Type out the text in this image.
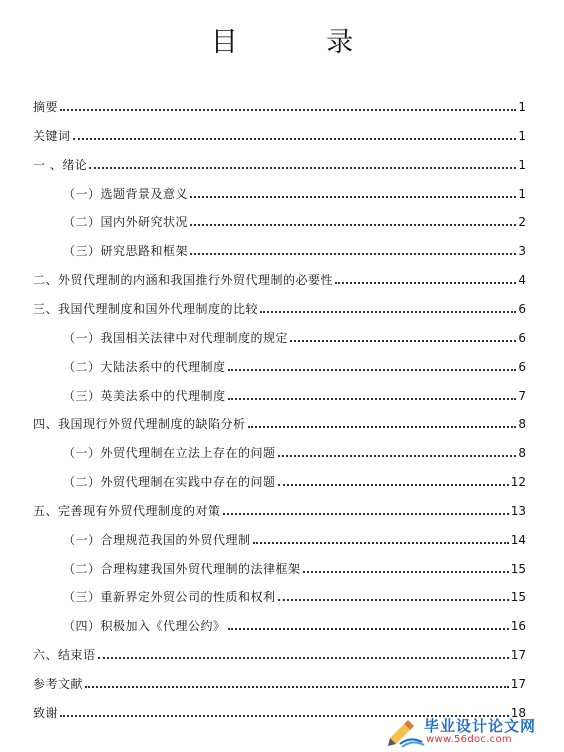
目 录
摘要	1
关键词	1
一 、绪论	1
（一）选题背景及意义	1
（二）国内外研究状况	2
（三）研究思路和框架	3
二、外贸代理制的内涵和我国推行外贸代理制的必要性	4
三、我国代理制度和国外代理制度的比较	6
（一）我国相关法律中对代理制度的规定	6
（二）大陆法系中的代理制度	6
（三）英美法系中的代理制度	7
四、我国现行外贸代理制度的缺陷分析	8
（一）外贸代理制在立法上存在的问题	8
（二）外贸代理制在实践中存在的问题	12
五、完善现有外贸代理制度的对策	13
（一）合理规范我国的外贸代理制	14
（二）合理构建我国外贸代理制的法律框架	15
（三）重新界定外贸公司的性质和权利	15
（四）积极加入《代理公约》	16
六、结束语	17
参考文献	17
致谢	18
毕业设计论文网
www.56doc.com
